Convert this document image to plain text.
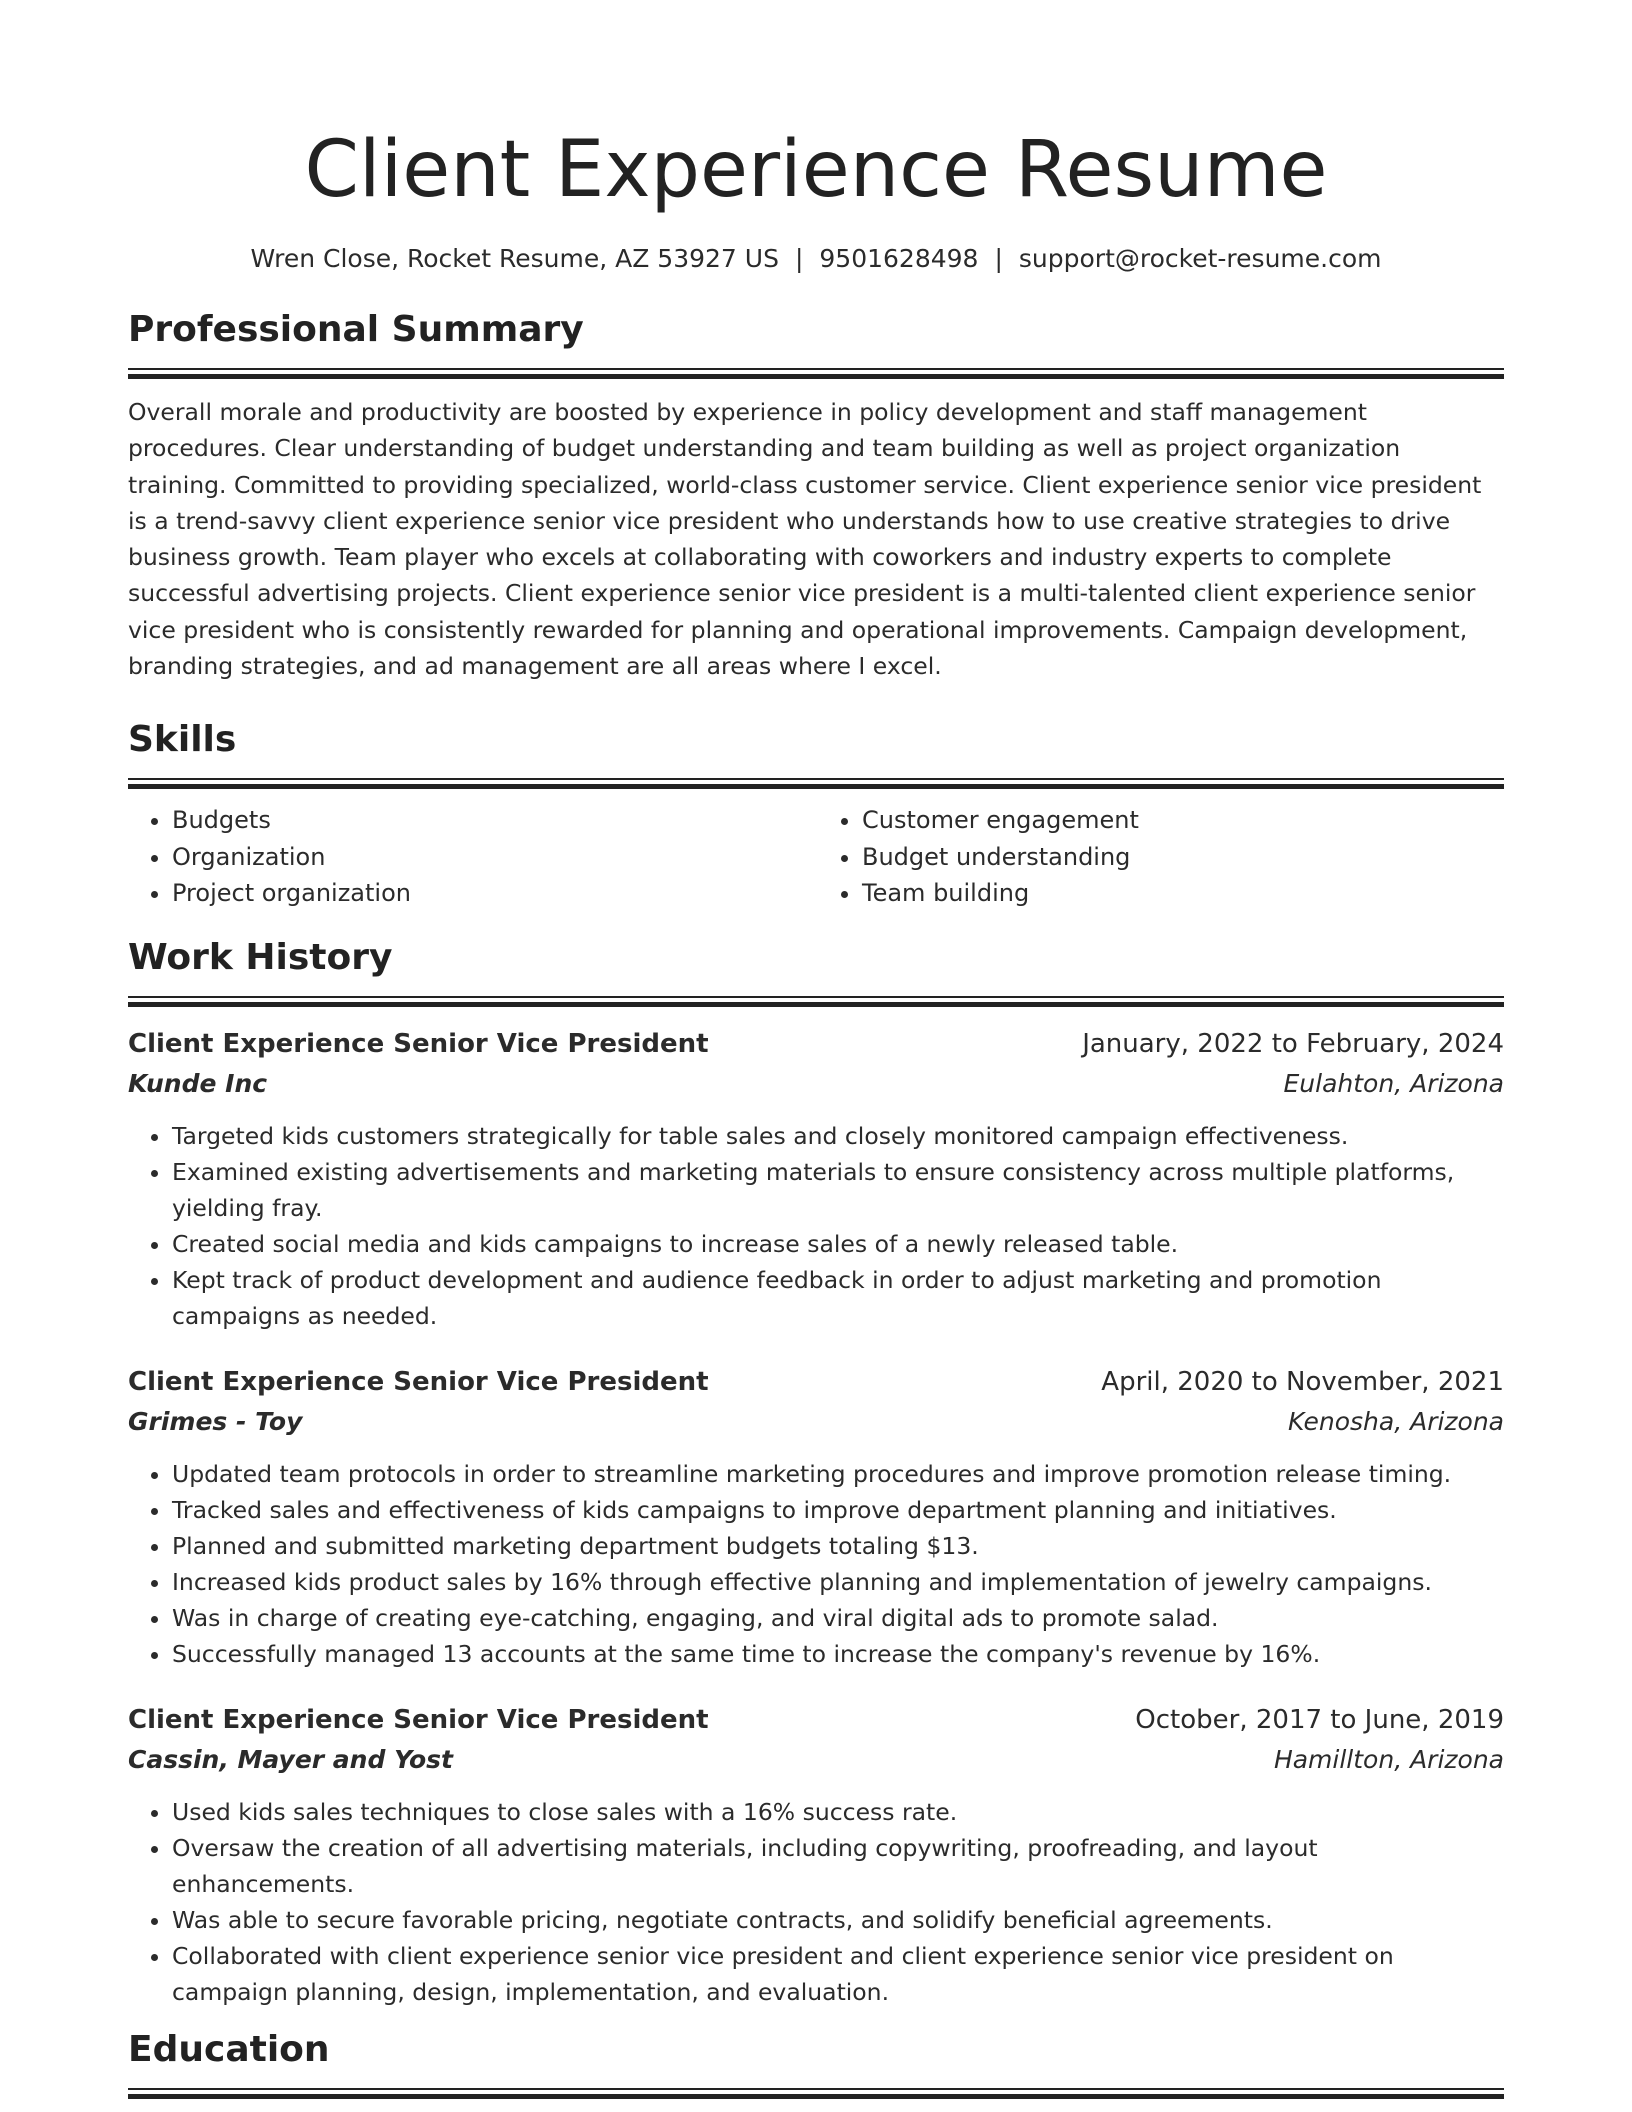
Client Experience Resume
Wren Close, Rocket Resume, AZ 53927 US | 9501628498 | support@rocket-resume.com
Professional Summary
Overall morale and productivity are boosted by experience in policy development and staff management procedures. Clear understanding of budget understanding and team building as well as project organization training. Committed to providing specialized, world-class customer service. Client experience senior vice president is a trend-savvy client experience senior vice president who understands how to use creative strategies to drive business growth. Team player who excels at collaborating with coworkers and industry experts to complete successful advertising projects. Client experience senior vice president is a multi-talented client experience senior vice president who is consistently rewarded for planning and operational improvements. Campaign development, branding strategies, and ad management are all areas where I excel.
Skills
• Budgets
• Organization
• Project organization
• Customer engagement
• Budget understanding
• Team building
Work History
Client Experience Senior Vice President	January, 2022 to February, 2024
Kunde Inc	Eulahton, Arizona
• Targeted kids customers strategically for table sales and closely monitored campaign effectiveness.
• Examined existing advertisements and marketing materials to ensure consistency across multiple platforms, yielding fray.
• Created social media and kids campaigns to increase sales of a newly released table.
• Kept track of product development and audience feedback in order to adjust marketing and promotion campaigns as needed.
Client Experience Senior Vice President	April, 2020 to November, 2021
Grimes - Toy	Kenosha, Arizona
• Updated team protocols in order to streamline marketing procedures and improve promotion release timing.
• Tracked sales and effectiveness of kids campaigns to improve department planning and initiatives.
• Planned and submitted marketing department budgets totaling $13.
• Increased kids product sales by 16% through effective planning and implementation of jewelry campaigns.
• Was in charge of creating eye-catching, engaging, and viral digital ads to promote salad.
• Successfully managed 13 accounts at the same time to increase the company's revenue by 16%.
Client Experience Senior Vice President	October, 2017 to June, 2019
Cassin, Mayer and Yost	Hamillton, Arizona
• Used kids sales techniques to close sales with a 16% success rate.
• Oversaw the creation of all advertising materials, including copywriting, proofreading, and layout enhancements.
• Was able to secure favorable pricing, negotiate contracts, and solidify beneficial agreements.
• Collaborated with client experience senior vice president and client experience senior vice president on campaign planning, design, implementation, and evaluation.
Education
